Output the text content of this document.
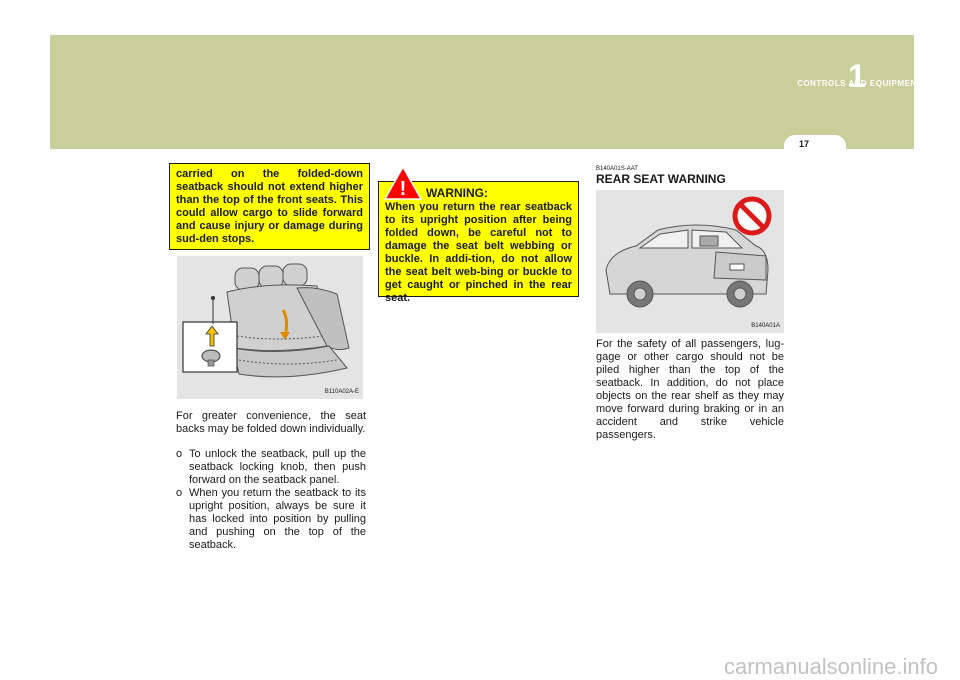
CONTROLS AND EQUIPMENT
1
17
carried on the folded-down seatback should not extend higher than the top of the front seats. This could allow cargo to slide forward and cause injury or damage during sud-den stops.
B110A02A-E
For greater convenience, the seat backs may be folded down individually.
o To unlock the seatback, pull up the seatback locking knob, then push forward on the seatback panel.
o When you return the seatback to its upright position, always be sure it has locked into position by pulling and pushing on the top of the seatback.
When you return the rear seatback to its upright position after being folded down, be careful not to damage the seat belt webbing or buckle. In addi-tion, do not allow the seat belt web-bing or buckle to get caught or pinched in the rear seat.
! WARNING:
B140A01S-AAT
REAR SEAT WARNING
B140A01A
For the safety of all passengers, lug-gage or other cargo should not be piled higher than the top of the seatback. In addition, do not place objects on the rear shelf as they may move forward during braking or in an accident and strike vehicle passengers.
carmanualsonline.info
